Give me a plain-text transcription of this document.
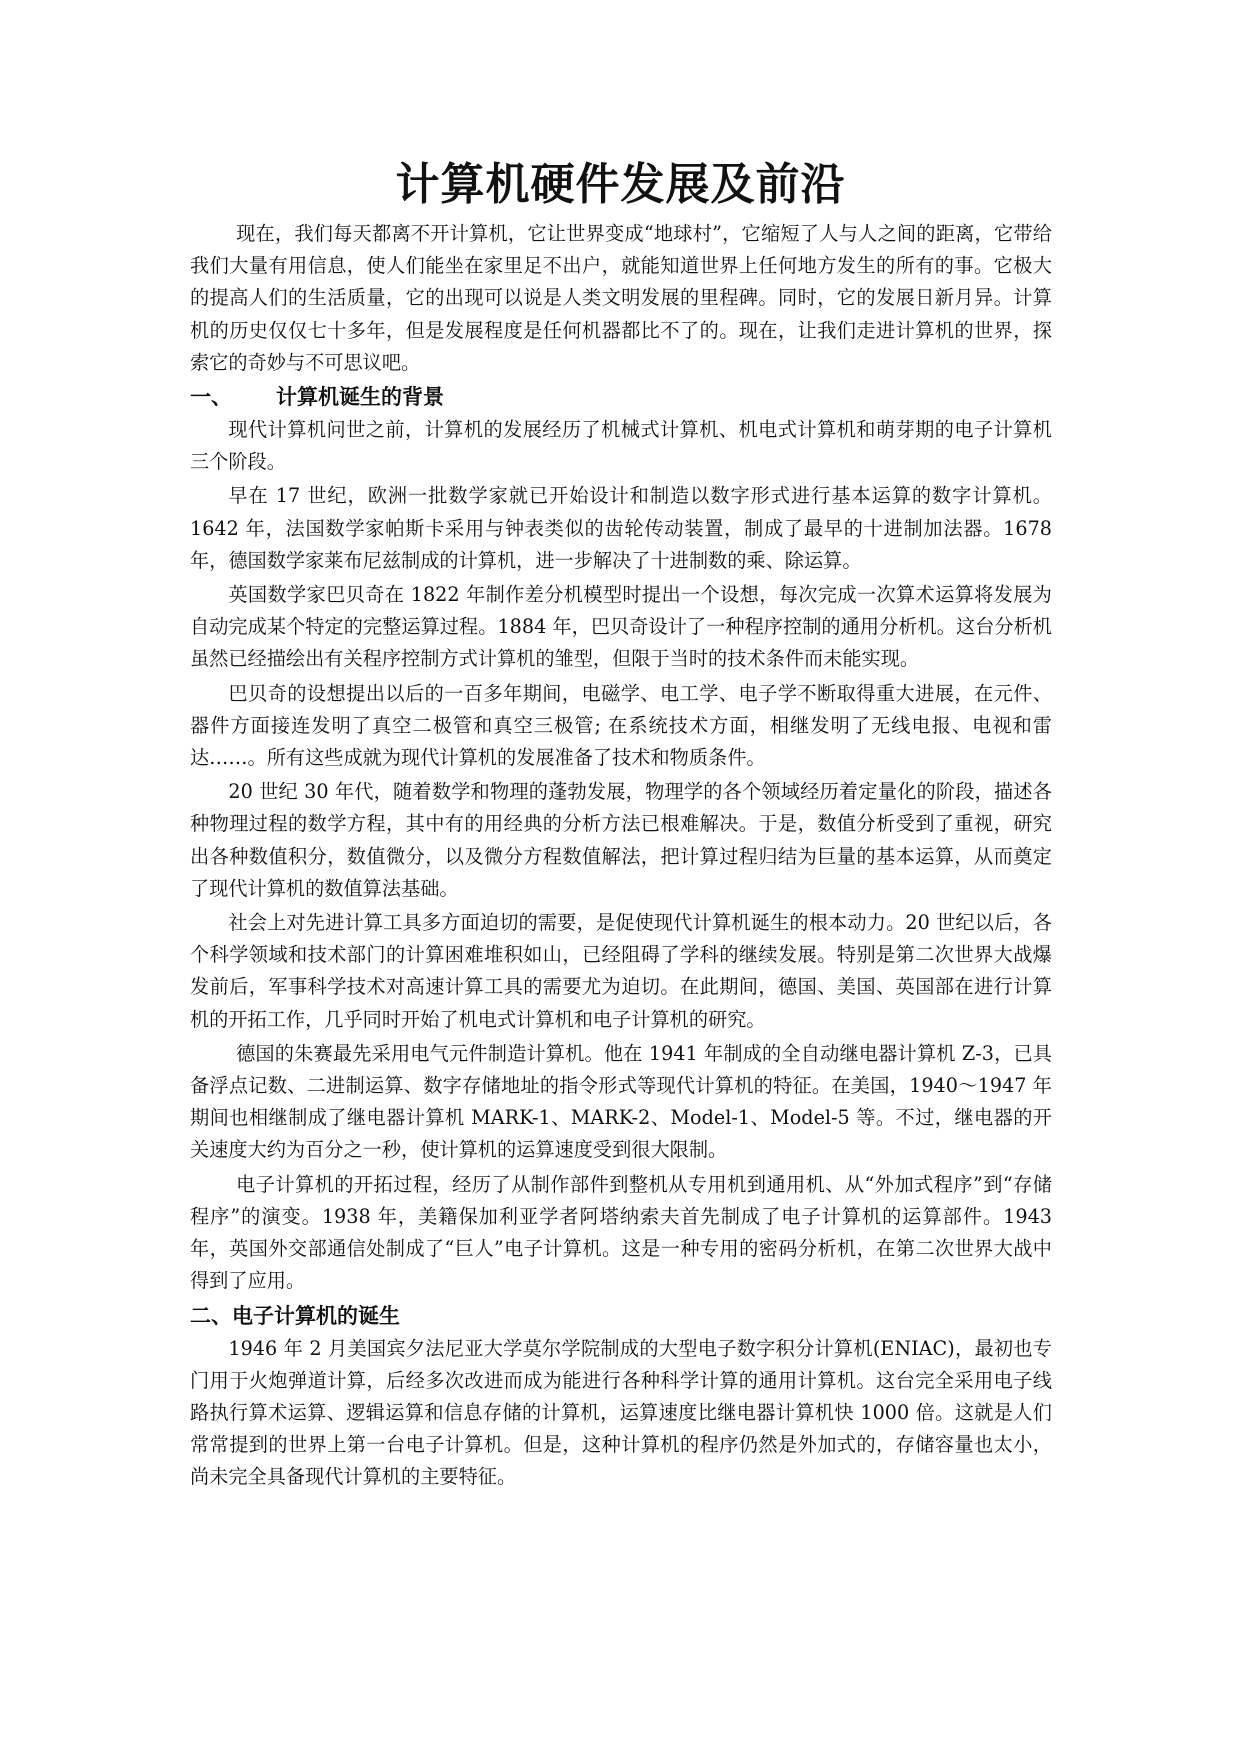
计算机硬件发展及前沿

现在，我们每天都离不开计算机，它让世界变成“地球村”，它缩短了人与人之间的距离，它带给我们大量有用信息，使人们能坐在家里足不出户，就能知道世界上任何地方发生的所有的事。它极大的提高人们的生活质量，它的出现可以说是人类文明发展的里程碑。同时，它的发展日新月异。计算机的历史仅仅七十多年，但是发展程度是任何机器都比不了的。现在，让我们走进计算机的世界，探索它的奇妙与不可思议吧。

一、 计算机诞生的背景

现代计算机问世之前，计算机的发展经历了机械式计算机、机电式计算机和萌芽期的电子计算机三个阶段。

早在 17 世纪，欧洲一批数学家就已开始设计和制造以数字形式进行基本运算的数字计算机。1642 年，法国数学家帕斯卡采用与钟表类似的齿轮传动装置，制成了最早的十进制加法器。1678 年，德国数学家莱布尼兹制成的计算机，进一步解决了十进制数的乘、除运算。

英国数学家巴贝奇在 1822 年制作差分机模型时提出一个设想，每次完成一次算术运算将发展为自动完成某个特定的完整运算过程。1884 年，巴贝奇设计了一种程序控制的通用分析机。这台分析机虽然已经描绘出有关程序控制方式计算机的雏型，但限于当时的技术条件而未能实现。

巴贝奇的设想提出以后的一百多年期间，电磁学、电工学、电子学不断取得重大进展，在元件、器件方面接连发明了真空二极管和真空三极管; 在系统技术方面，相继发明了无线电报、电视和雷达……。所有这些成就为现代计算机的发展准备了技术和物质条件。

20 世纪 30 年代，随着数学和物理的蓬勃发展，物理学的各个领域经历着定量化的阶段，描述各种物理过程的数学方程，其中有的用经典的分析方法已根难解决。于是，数值分析受到了重视，研究出各种数值积分，数值微分，以及微分方程数值解法，把计算过程归结为巨量的基本运算，从而奠定了现代计算机的数值算法基础。

社会上对先进计算工具多方面迫切的需要，是促使现代计算机诞生的根本动力。20 世纪以后，各个科学领域和技术部门的计算困难堆积如山，已经阻碍了学科的继续发展。特别是第二次世界大战爆发前后，军事科学技术对高速计算工具的需要尤为迫切。在此期间，德国、美国、英国部在进行计算机的开拓工作，几乎同时开始了机电式计算机和电子计算机的研究。

德国的朱赛最先采用电气元件制造计算机。他在 1941 年制成的全自动继电器计算机 Z-3，已具备浮点记数、二进制运算、数字存储地址的指令形式等现代计算机的特征。在美国，1940～1947 年期间也相继制成了继电器计算机 MARK-1、MARK-2、Model-1、Model-5 等。不过，继电器的开关速度大约为百分之一秒，使计算机的运算速度受到很大限制。

电子计算机的开拓过程，经历了从制作部件到整机从专用机到通用机、从“外加式程序”到“存储程序”的演变。1938 年，美籍保加利亚学者阿塔纳索夫首先制成了电子计算机的运算部件。1943 年，英国外交部通信处制成了“巨人”电子计算机。这是一种专用的密码分析机，在第二次世界大战中得到了应用。

二、电子计算机的诞生

1946 年 2 月美国宾夕法尼亚大学莫尔学院制成的大型电子数字积分计算机(ENIAC)，最初也专门用于火炮弹道计算，后经多次改进而成为能进行各种科学计算的通用计算机。这台完全采用电子线路执行算术运算、逻辑运算和信息存储的计算机，运算速度比继电器计算机快 1000 倍。这就是人们常常提到的世界上第一台电子计算机。但是，这种计算机的程序仍然是外加式的，存储容量也太小，尚未完全具备现代计算机的主要特征。
